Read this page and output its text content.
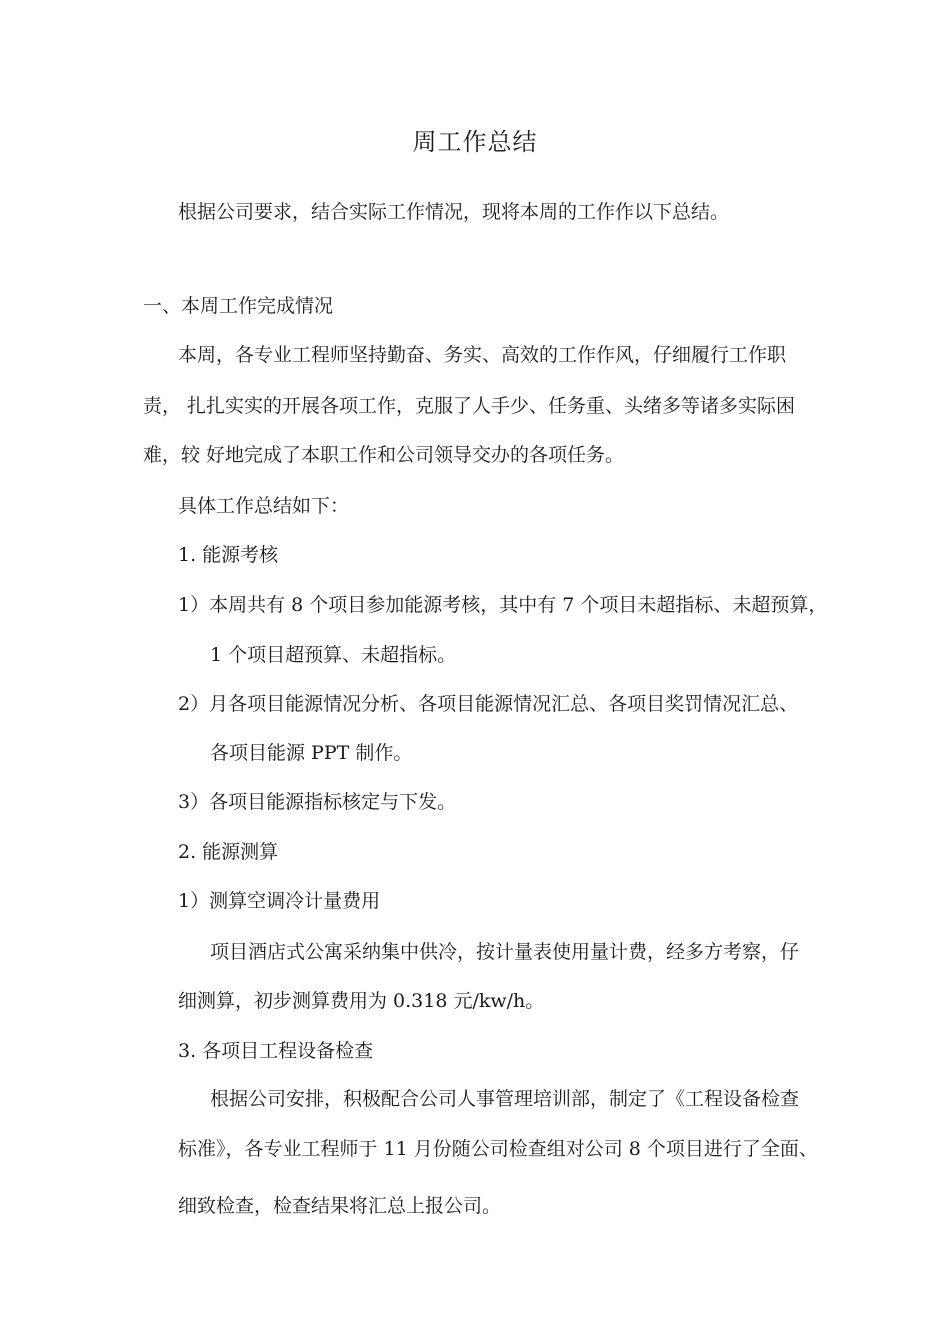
周工作总结
根据公司要求，结合实际工作情况，现将本周的工作作以下总结。
一、本周工作完成情况
本周，各专业工程师坚持勤奋、务实、高效的工作作风，仔细履行工作职
责， 扎扎实实的开展各项工作，克服了人手少、任务重、头绪多等诸多实际困
难，较 好地完成了本职工作和公司领导交办的各项任务。
具体工作总结如下：
1. 能源考核
1）本周共有 8 个项目参加能源考核，其中有 7 个项目未超指标、未超预算，
1 个项目超预算、未超指标。
2）月各项目能源情况分析、各项目能源情况汇总、各项目奖罚情况汇总、
各项目能源 PPT 制作。
3）各项目能源指标核定与下发。
2. 能源测算
1）测算空调冷计量费用
项目酒店式公寓采纳集中供冷，按计量表使用量计费，经多方考察，仔
细测算，初步测算费用为 0.318 元/kw/h。
3. 各项目工程设备检查
根据公司安排，积极配合公司人事管理培训部，制定了《工程设备检查
标准》，各专业工程师于 11 月份随公司检查组对公司 8 个项目进行了全面、
细致检查，检查结果将汇总上报公司。
